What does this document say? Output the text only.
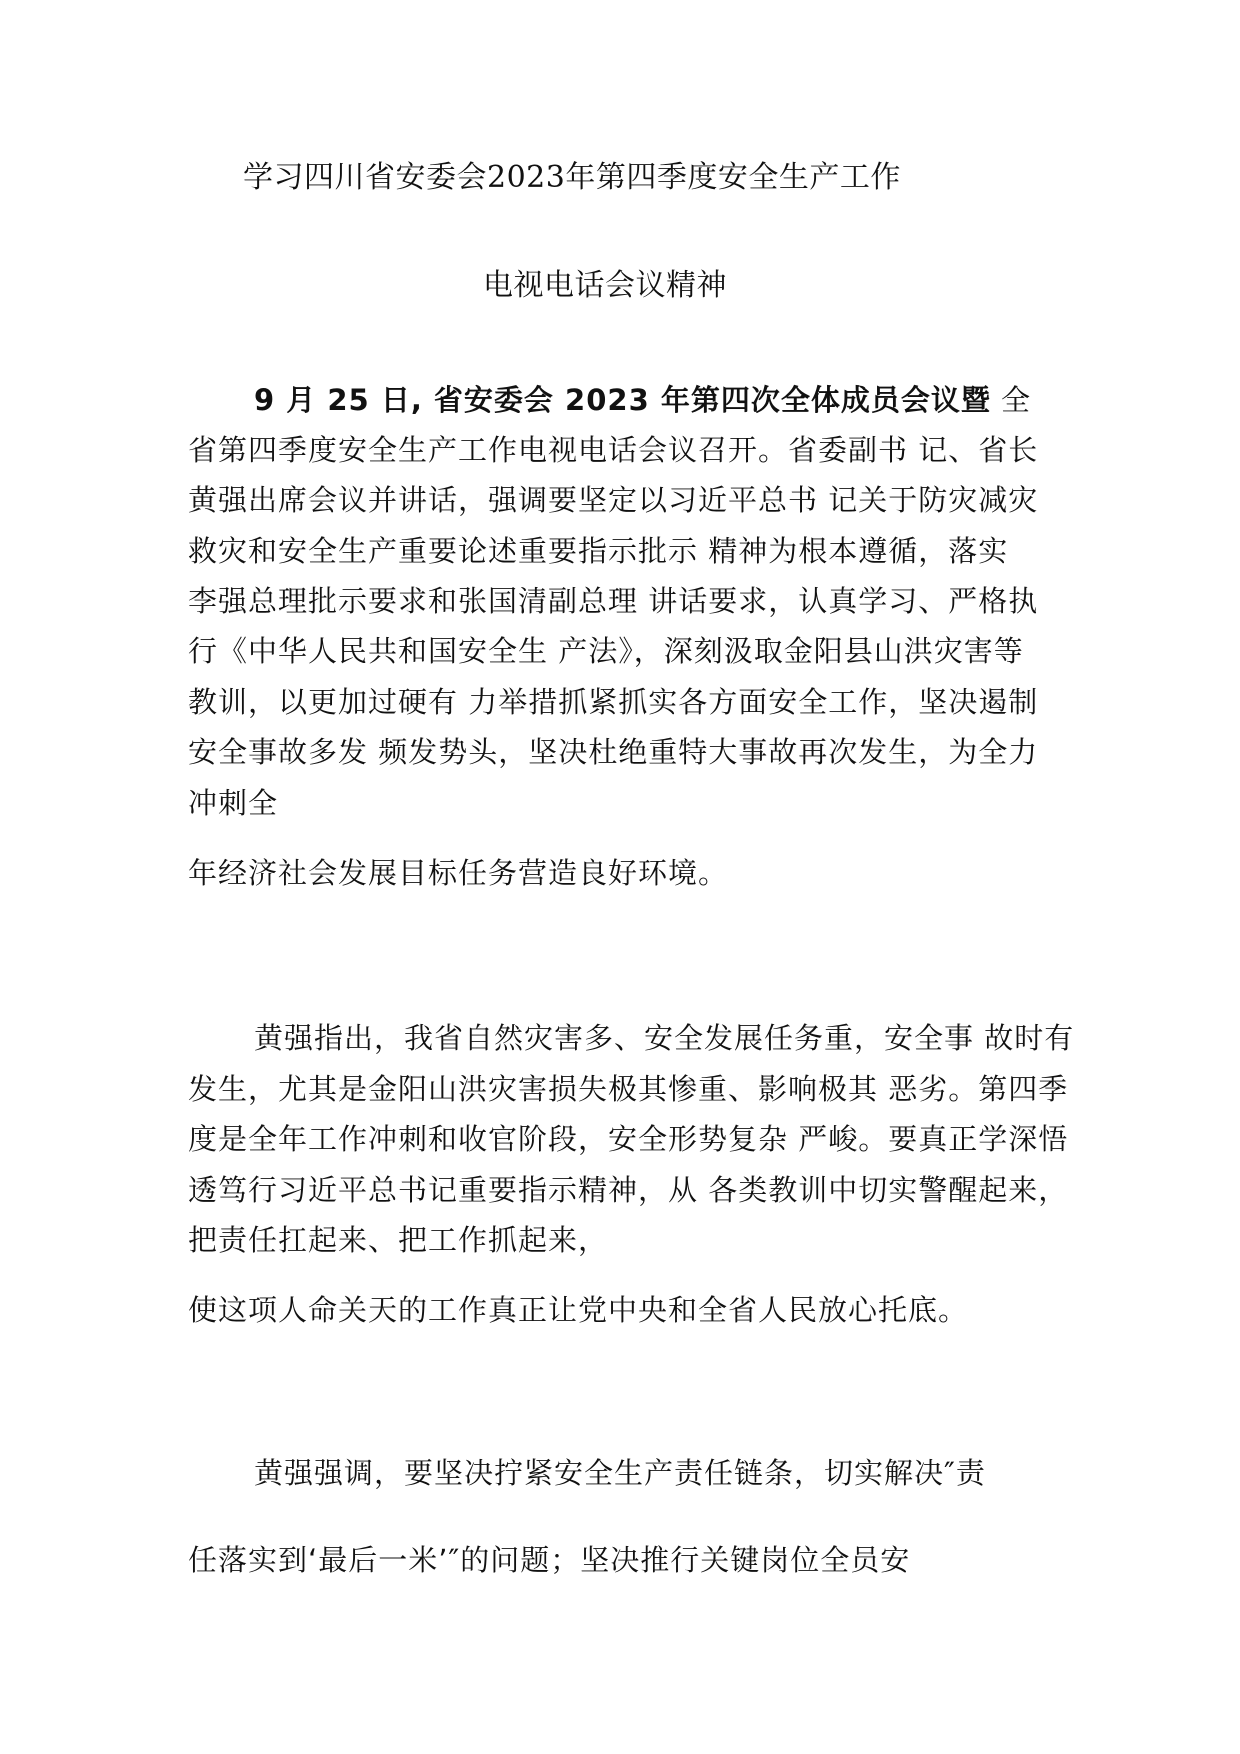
学习四川省安委会2023年第四季度安全生产工作
电视电话会议精神
9 月 25 日, 省安委会 2023 年第四次全体成员会议暨 全
省第四季度安全生产工作电视电话会议召开。省委副书 记、省长
黄强出席会议并讲话，强调要坚定以习近平总书 记关于防灾减灾
救灾和安全生产重要论述重要指示批示 精神为根本遵循，落实
李强总理批示要求和张国清副总理 讲话要求，认真学习、严格执
行《中华人民共和国安全生 产法》，深刻汲取金阳县山洪灾害等
教训，以更加过硬有 力举措抓紧抓实各方面安全工作，坚决遏制
安全事故多发 频发势头，坚决杜绝重特大事故再次发生，为全力
冲刺全
年经济社会发展目标任务营造良好环境。
黄强指出，我省自然灾害多、安全发展任务重，安全事 故时有
发生，尤其是金阳山洪灾害损失极其惨重、影响极其 恶劣。第四季
度是全年工作冲刺和收官阶段，安全形势复杂 严峻。要真正学深悟
透笃行习近平总书记重要指示精神，从 各类教训中切实警醒起来，
把责任扛起来、把工作抓起来，
使这项人命关天的工作真正让党中央和全省人民放心托底。
黄强强调，要坚决拧紧安全生产责任链条，切实解决″责
任落实到‘最后一米’″的问题；坚决推行关键岗位全员安
